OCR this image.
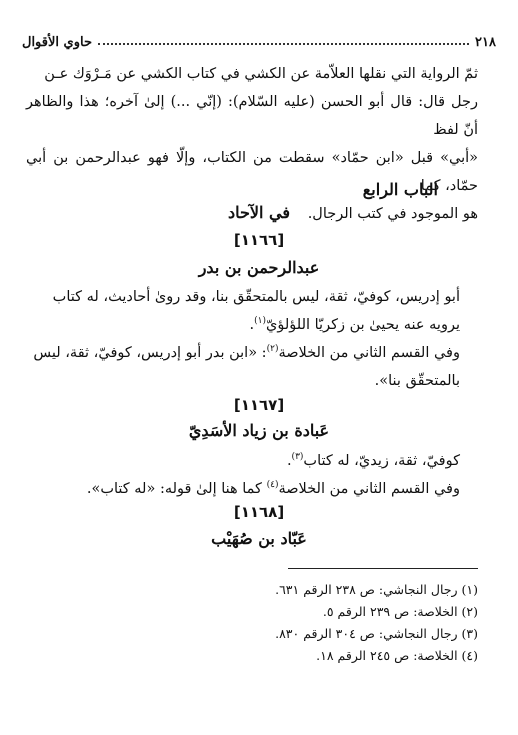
٢١٨
حاوي الأقوال
ثمّ الرواية التي نقلها العلاّمة عن الكشي في كتاب الكشي عن مَـرْوَك عـن
رجل قال: قال أبو الحسن (عليه السّلام): (إنّي ...) إلىٰ آخره؛ هذا والظاهر أنّ لفظ
«أبي» قبل «ابن حمّاد» سقطت من الكتاب، وإلّا فهو عبدالرحمن بن أبي حمّاد، كما
هو الموجود في كتب الرجال.
الباب الرابع
في الآحاد
[١١٦٦]
عبدالرحمن بن بدر
أبو إدريس، كوفيّ، ثقة، ليس بالمتحقّق بنا، وقد روىٰ أحاديث، له كتاب
يرويه عنه يحيىٰ بن زكريّا اللؤلؤيّ$^{(١)}$.
وفي القسم الثاني من الخلاصة$^{(٢)}$: «ابن بدر أبو إدريس، كوفيّ، ثقة، ليس
بالمتحقّق بنا».
[١١٦٧]
عَبادة بن زياد الأسَدِيّ
كوفيّ، ثقة، زيديّ، له كتاب$^{(٣)}$.
وفي القسم الثاني من الخلاصة$^{(٤)}$ كما هنا إلىٰ قوله: «له كتاب».
[١١٦٨]
عَبّاد بن صُهَيْب
(١) رجال النجاشي: ص ٢٣٨ الرقم ٦٣١.
(٢) الخلاصة: ص ٢٣٩ الرقم ٥.
(٣) رجال النجاشي: ص ٣٠٤ الرقم ٨٣٠.
(٤) الخلاصة: ص ٢٤٥ الرقم ١٨.
